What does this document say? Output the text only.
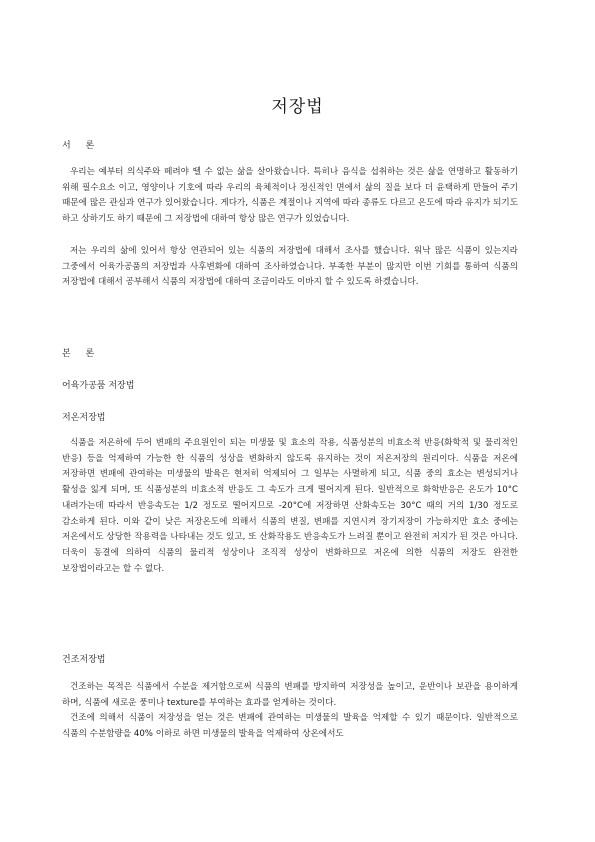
저장법
서 론

우리는 예부터 의식주와 떼려야 뗄 수 없는 삶을 살아왔습니다. 특히나 음식을 섭취하는 것은 삶을 연명하고 활동하기 위해 필수요소 이고, 영양이나 기호에 따라 우리의 육체적이나 정신적인 면에서 삶의 질을 보다 더 윤택하게 만들어 주기 때문에 많은 관심과 연구가 있어왔습니다. 게다가, 식품은 계절이나 지역에 따라 종류도 다르고 온도에 따라 유지가 되기도 하고 상하기도 하기 때문에 그 저장법에 대하여 항상 많은 연구가 있었습니다.

저는 우리의 삶에 있어서 항상 연관되어 있는 식품의 저장법에 대해서 조사를 했습니다. 워낙 많은 식품이 있는지라 그중에서 어육가공품의 저장법과 사후변화에 대하여 조사하였습니다. 부족한 부분이 많지만 이번 기회를 통하여 식품의 저장법에 대해서 공부해서 식품의 저장법에 대하여 조금이라도 이바지 할 수 있도록 하겠습니다.

본 론
어육가공품 저장법
저온저장법

식품을 저온하에 두어 변패의 주요원인이 되는 미생물 및 효소의 작용, 식품성분의 비효소적 반응(화학적 및 물리적인 반응) 등을 억제하여 가능한 한 식품의 성상을 변화하지 않도록 유지하는 것이 저온저장의 원리이다. 식품을 저온에 저장하면 변패에 관여하는 미생물의 발육은 현저히 억제되어 그 일부는 사멸하게 되고, 식품 중의 효소는 변성되거나 활성을 잃게 되며, 또 식품성분의 비효소적 반응도 그 속도가 크게 떨어지게 된다. 일반적으로 화학반응은 온도가 10°C 내려가는데 따라서 반응속도는 1/2 정도로 떨어지므로 -20°C에 저장하면 산화속도는 30°C 때의 거의 1/30 정도로 감소하게 된다. 이와 같이 낮은 저장온도에 의해서 식품의 변질, 변패를 지연시켜 장기저장이 가능하지만 효소 중에는 저온에서도 상당한 작용력을 나타내는 것도 있고, 또 산화작용도 반응속도가 느려질 뿐이고 완전히 저지가 된 것은 아니다. 더욱이 동결에 의하여 식품의 물리적 성상이나 조직적 성상이 변화하므로 저온에 의한 식품의 저장도 완전한 보장법이라고는 할 수 없다.

건조저장법

건조하는 목적은 식품에서 수분을 제거함으로써 식품의 변패를 방지하여 저장성을 높이고, 운반이나 보관을 용이하게 하며, 식품에 새로운 풍미나 texture를 부여하는 효과를 얻게하는 것이다.

건조에 의해서 식품이 저장성을 얻는 것은 변패에 관여하는 미생물의 발육을 억제할 수 있기 때문이다. 일반적으로 식품의 수분함량을 40% 이하로 하면 미생물의 발육을 억제하여 상온에서도
